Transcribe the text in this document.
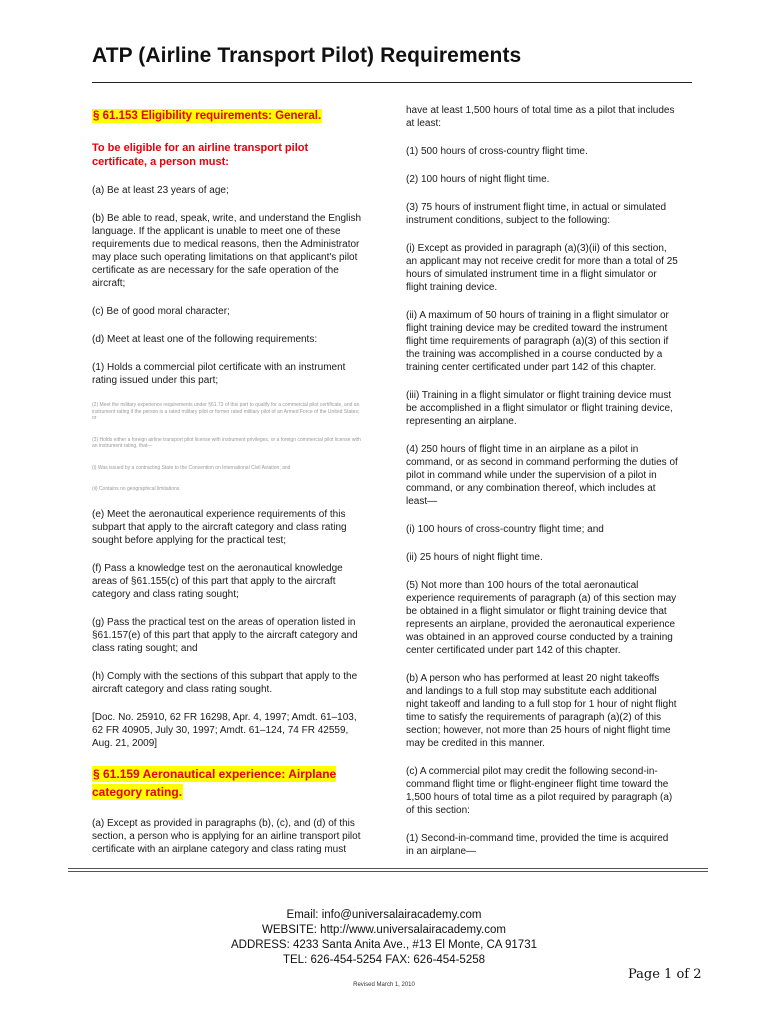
ATP (Airline Transport Pilot) Requirements
§ 61.153 Eligibility requirements: General.

To be eligible for an airline transport pilot certificate, a person must:

(a) Be at least 23 years of age;

(b) Be able to read, speak, write, and understand the English language. If the applicant is unable to meet one of these requirements due to medical reasons, then the Administrator may place such operating limitations on that applicant's pilot certificate as are necessary for the safe operation of the aircraft;

(c) Be of good moral character;

(d) Meet at least one of the following requirements:

(1) Holds a commercial pilot certificate with an instrument rating issued under this part;

(2) Meet the military experience requirements under §61.73 of this part to qualify for a commercial pilot certificate, and an instrument rating if the person is a rated military pilot or former rated military pilot of an Armed Force of the United States; or

(3) Holds either a foreign airline transport pilot license with instrument privileges, or a foreign commercial pilot license with an instrument rating, that—

(i) Was issued by a contracting State to the Convention on International Civil Aviation; and

(ii) Contains no geographical limitations.

(e) Meet the aeronautical experience requirements of this subpart that apply to the aircraft category and class rating sought before applying for the practical test;

(f) Pass a knowledge test on the aeronautical knowledge areas of §61.155(c) of this part that apply to the aircraft category and class rating sought;

(g) Pass the practical test on the areas of operation listed in §61.157(e) of this part that apply to the aircraft category and class rating sought; and

(h) Comply with the sections of this subpart that apply to the aircraft category and class rating sought.

[Doc. No. 25910, 62 FR 16298, Apr. 4, 1997; Amdt. 61–103, 62 FR 40905, July 30, 1997; Amdt. 61–124, 74 FR 42559, Aug. 21, 2009]

§ 61.159 Aeronautical experience: Airplane category rating.

(a) Except as provided in paragraphs (b), (c), and (d) of this section, a person who is applying for an airline transport pilot certificate with an airplane category and class rating must

have at least 1,500 hours of total time as a pilot that includes at least:

(1) 500 hours of cross-country flight time.

(2) 100 hours of night flight time.

(3) 75 hours of instrument flight time, in actual or simulated instrument conditions, subject to the following:

(i) Except as provided in paragraph (a)(3)(ii) of this section, an applicant may not receive credit for more than a total of 25 hours of simulated instrument time in a flight simulator or flight training device.

(ii) A maximum of 50 hours of training in a flight simulator or flight training device may be credited toward the instrument flight time requirements of paragraph (a)(3) of this section if the training was accomplished in a course conducted by a training center certificated under part 142 of this chapter.

(iii) Training in a flight simulator or flight training device must be accomplished in a flight simulator or flight training device, representing an airplane.

(4) 250 hours of flight time in an airplane as a pilot in command, or as second in command performing the duties of pilot in command while under the supervision of a pilot in command, or any combination thereof, which includes at least—

(i) 100 hours of cross-country flight time; and

(ii) 25 hours of night flight time.

(5) Not more than 100 hours of the total aeronautical experience requirements of paragraph (a) of this section may be obtained in a flight simulator or flight training device that represents an airplane, provided the aeronautical experience was obtained in an approved course conducted by a training center certificated under part 142 of this chapter.

(b) A person who has performed at least 20 night takeoffs and landings to a full stop may substitute each additional night takeoff and landing to a full stop for 1 hour of night flight time to satisfy the requirements of paragraph (a)(2) of this section; however, not more than 25 hours of night flight time may be credited in this manner.

(c) A commercial pilot may credit the following second-in-command flight time or flight-engineer flight time toward the 1,500 hours of total time as a pilot required by paragraph (a) of this section:

(1) Second-in-command time, provided the time is acquired in an airplane—

Email: info@universalairacademy.com
WEBSITE: http://www.universalairacademy.com
ADDRESS: 4233 Santa Anita Ave., #13 El Monte, CA 91731
TEL: 626-454-5254 FAX: 626-454-5258
Page 1 of 2
Revised March 1, 2010
